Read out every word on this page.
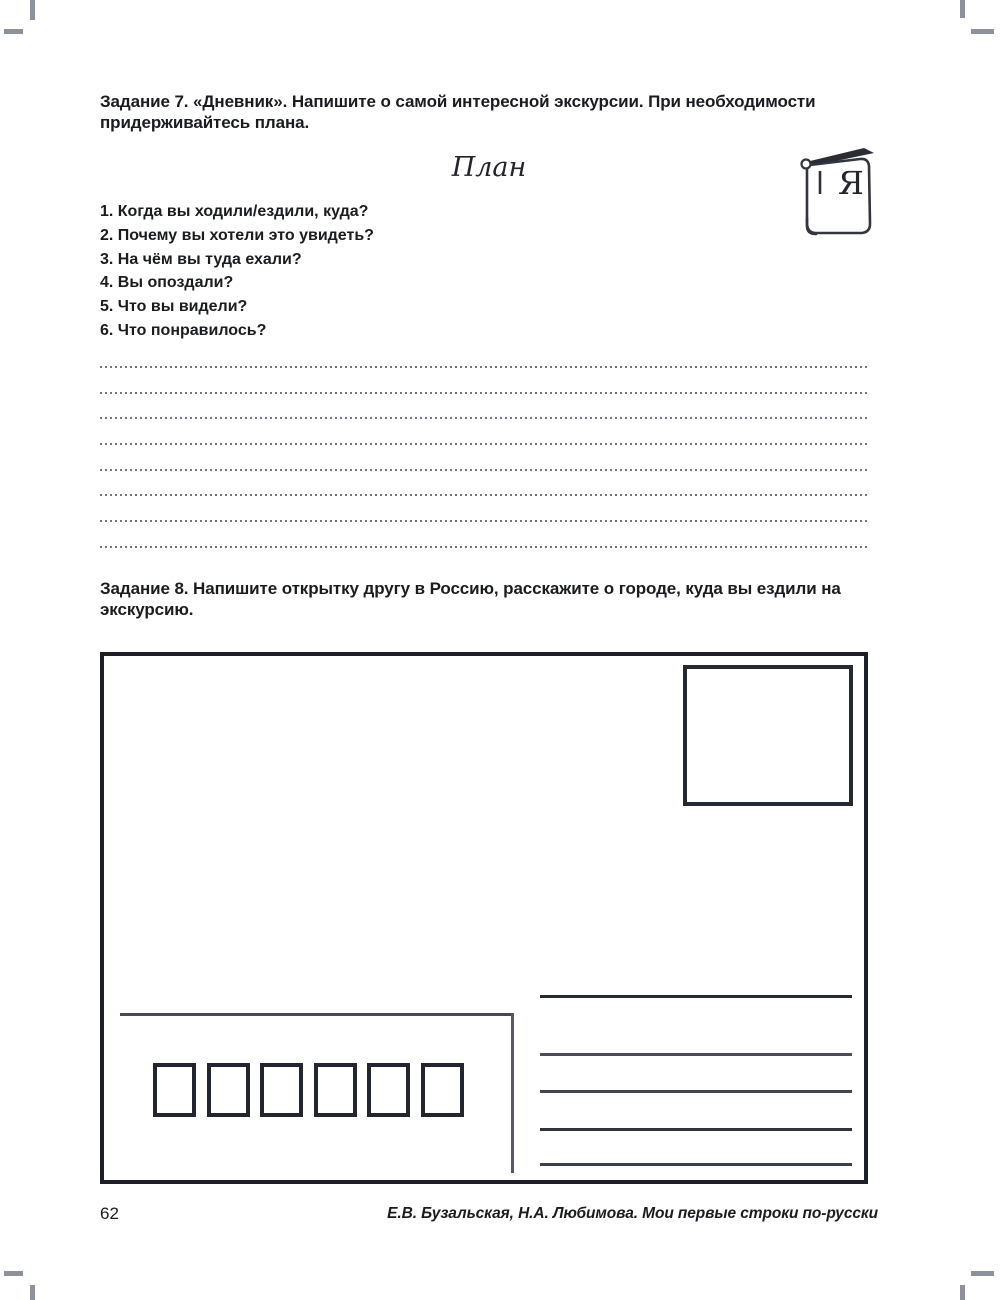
Задание 7. «Дневник». Напишите о самой интересной экскурсии. При необходимости придерживайтесь плана.
План	Я
1. Когда вы ходили/ездили, куда?
2. Почему вы хотели это увидеть?
3. На чём вы туда ехали?
4. Вы опоздали?
5. Что вы видели?
6. Что понравилось?
Задание 8. Напишите открытку другу в Россию, расскажите о городе, куда вы ездили на экскурсию.
62	Е.В. Бузальская, Н.А. Любимова. Мои первые строки по-русски
